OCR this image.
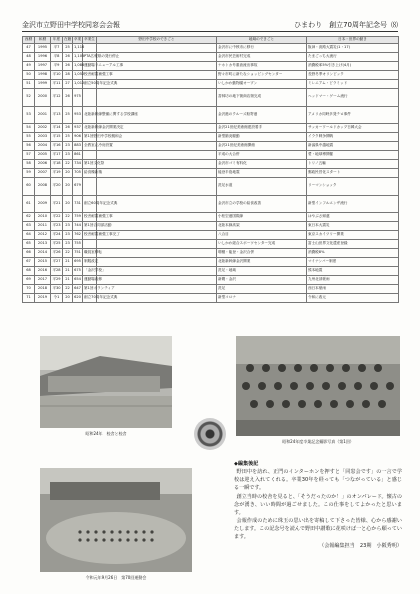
金沢市立野田中学校同窓会会報	ひまわり　創立70周年記念号 ⑻
西暦	和暦	年度	在籍	卒業	卒業生	野田中学校のできごと	地域のできごと	日本・世界の動き
47	1995	平7	25	1,116			金沢市に中核市に移行	阪神・淡路大震災(1・17)
48	1996	平8	26	1,105	PTA広報紙の発行停止		金沢市民芸術村完成	たまごっち大流行
49	1997	平9	26	1,086	運動場リニューアル工事		ナホトカ号重油流出事故	消費税率5%引き上げ(4月)
50	1998	平10	28	1,052	校舎耐震補強工事		野々市町に新たなショッピングセンター	長野冬季オリンピック
51	1999	平11	27	1,012	創立50周年記念式典		いしかわ動物園オープン	ミレニアム・ピラミッド
52	2000	平12	26	975			香林坊の地下街商店街完成	ヘッドマー・ゲーム流行
53	2001	平13	25	953	北陸新幹線整備に関する学校講座		金沢港のクルーズ船寄港	アメリカ同時多発テロ事件
54	2002	平14	26	937	北陸新幹線金沢開業決定		金沢21世紀美術館建設着手	サッカーワールドカップ日韓大会
55	2003	平15	25	906	第1回野田中学校親和会		新型肺炎騒動	イラク戦争開戦
56	2004	平16	23	883	全教室に冷房設置		金沢21世紀美術館開館	新潟県中越地震
57	2005	平17	23	861			平成の大合併	愛・地球博開催
58	2006	平18	22	734	第1回文化祭		金沢市ゴミ有料化	トリノ五輪
59	2007	平19	20	705	給食棟新築		能登半島地震	郵政民営化スタート
60	2008	平20	20	679			洗足水道	リーマンショック
61	2009	平21	20	731	創立60周年記念式典		金沢市立の学校の給食改善	新型インフルエンザ流行
62	2010	平22	22	759	校舎耐震補強工事		小松空港国際線	はやぶさ帰還
63	2011	平23	23	744	第1回合同部活動		北陸本線高架	東日本大震災
64	2012	平24	23	762	校舎耐震補強工事完了		八合目	東京スカイツリー開業
65	2013	平25	23	755			いしかわ総合スポーツセンター完成	富士山世界文化遺産登録
66	2014	平26	22	751	職員室移転		増穂・能登・金沢合併	消費税8%
67	2015	平27	21	695	制服改定		北陸新幹線金沢開業	マイナンバー制度
68	2016	平28	21	675	「金沢学校」		洗足・地域	熊本地震
69	2017	平29	21	654	運動場改修		新聞・金沢	九州北部豪雨
70	2018	平30	22	647	第1回ボランティア		洗足	西日本豪雨
71	2019	令1	20	620	創立70周年記念式典		新型コロナ	令和に改元
昭和24年　校舎と校舎
昭和24年度卒業記念撮影写真（第1回）
令和元年9月26日　第70回運動会
◆編集後記

野田中を訪れ、正門のインターホンを押すと「同窓会です」の一言で学校は迎え入れてくれる。卒業30年を経っても「つながっている」と感じる一瞬です。

創立当時の校舎を見ると、「そうだったのか！」のオンパレード。懐古の念が湧き、いい時間が過ごせました。この仕事をしてよかったと思います。

会報作成のために珠玉の思い出を寄稿して下さった皆様、心から感謝いたします。この記念号を読んで野田中讃歌に花咲けば一と心から願っています。

（会報編集担当　23期　小阪秀明）
